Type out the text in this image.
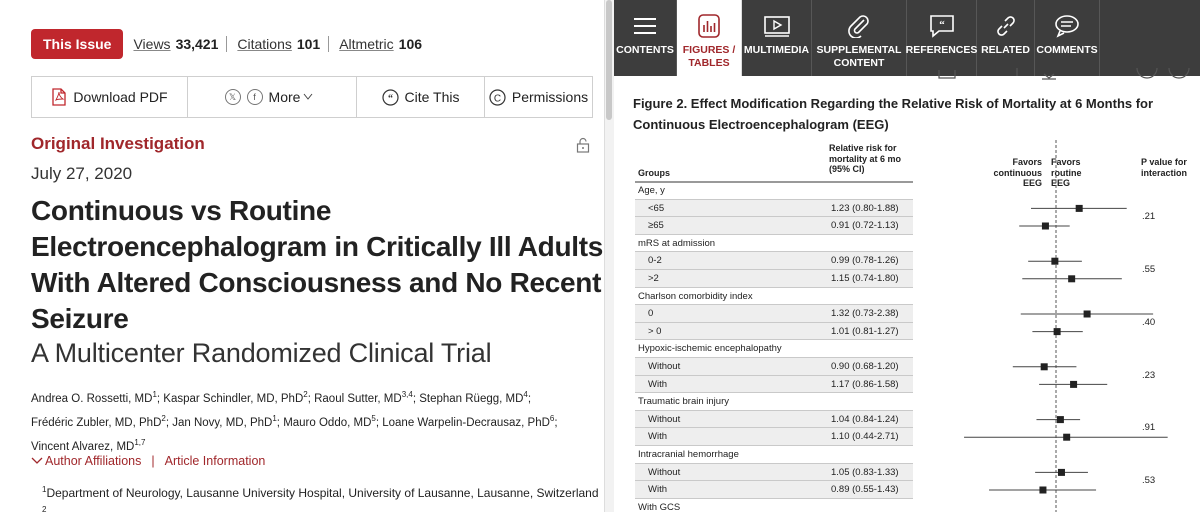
This Issue	Views 33,421 Citations 101 Altmetric 106
Download PDF	𝕏	f More	“ Cite This	C Permissions
Original Investigation
July 27, 2020
Continuous vs Routine Electroencephalogram in Critically Ill Adults With Altered Consciousness and No Recent Seizure
A Multicenter Randomized Clinical Trial
Andrea O. Rossetti, $MD^1$; Kaspar Schindler, MD, PhD$^2$; Raoul Sutter, MD$^{3,4}$; Stephan Rüegg, $MD^4$;
Frédéric Zubler, MD, PhD$^2$; Jan Novy, MD, PhD$^1$; Mauro Oddo, $MD^5$; Loane Warpelin-Decrausaz, PhD$^6$;
Vincent Alvarez, MD$^{1,7}$
Author Affiliations | Article Information
$^1$Department of Neurology, Lausanne University Hospital, University of Lausanne, Lausanne, Switzerland
2
CONTENTS FIGURES / TABLES
MULTIMEDIA SUPPLEMENTAL CONTENT
“
REFERENCES RELATED COMMENTS
Figure 2. Effect Modification Regarding the Relative Risk of Mortality at 6 Months for Continuous Electroencephalogram (EEG)
Groups
Relative risk for mortality at 6 mo (95% CI)
Favors continuous EEG
Favors routine EEG
P value for interaction
Age, y
<65	1.23 (0.80-1.88)
.21
≥65	0.91 (0.72-1.13)
mRS at admission
0-2	0.99 (0.78-1.26)
.55
>2	1.15 (0.74-1.80)
Charlson comorbidity index
0	1.32 (0.73-2.38)
.40
> 0	1.01 (0.81-1.27)
Hypoxic-ischemic encephalopathy
Without	0.90 (0.68-1.20)
.23
With	1.17 (0.86-1.58)
Traumatic brain injury
Without	1.04 (0.84-1.24)
.91
With	1.10 (0.44-2.71)
Intracranial hemorrhage
Without	1.05 (0.83-1.33)
.53
With	0.89 (0.55-1.43)
With GCS
